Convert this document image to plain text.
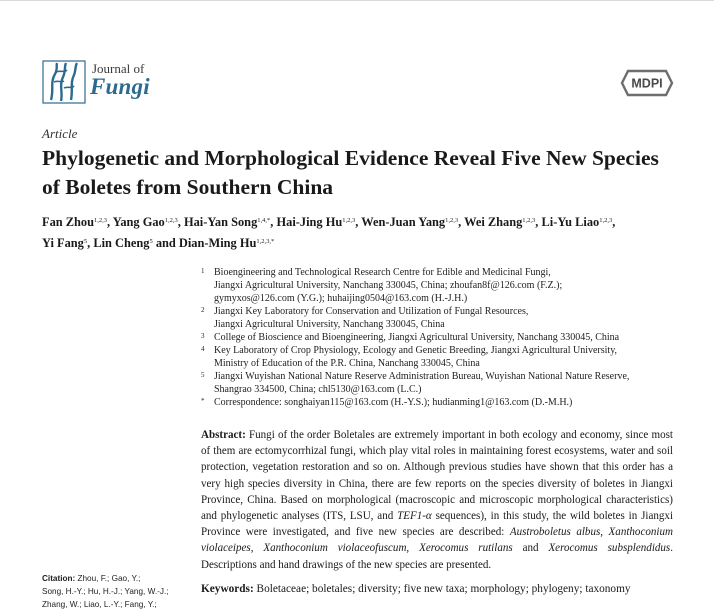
Journal of
Fungi	MDPI
Article
Phylogenetic and Morphological Evidence Reveal Five New Species of Boletes from Southern China
Fan Zhou$^{1,2,3}$, Yang Gao$^{1,2,3}$, Hai-Yan Song$^{1,4,*}$, Hai-Jing Hu$^{1,2,3}$, Wen-Juan Yang$^{1,2,3}$, Wei Zhang$^{1,2,3}$, Li-Yu Liao$^{1,2,3}$,
Yi Fang$^5$, Lin Cheng$^5$ and Dian-Ming $Hu^{1,2,3,*}$
1 Bioengineering and Technological Research Centre for Edible and Medicinal Fungi,
Jiangxi Agricultural University, Nanchang 330045, China; zhoufan8f@126.com (F.Z.);
gymyxos@126.com (Y.G.); huhaijing0504@163.com (H.-J.H.)
2 Jiangxi Key Laboratory for Conservation and Utilization of Fungal Resources,
Jiangxi Agricultural University, Nanchang 330045, China
3 College of Bioscience and Bioengineering, Jiangxi Agricultural University, Nanchang 330045, China
4 Key Laboratory of Crop Physiology, Ecology and Genetic Breeding, Jiangxi Agricultural University,
Ministry of Education of the P.R. China, Nanchang 330045, China
5 Jiangxi Wuyishan National Nature Reserve Administration Bureau, Wuyishan National Nature Reserve,
Shangrao 334500, China; chl5130@163.com (L.C.)
* Correspondence: songhaiyan115@163.com (H.-Y.S.); hudianming1@163.com (D.-M.H.)
Abstract: Fungi of the order Boletales are extremely important in both ecology and economy, since most of them are ectomycorrhizal fungi, which play vital roles in maintaining forest ecosystems, water and soil protection, vegetation restoration and so on. Although previous studies have shown that this order has a very high species diversity in China, there are few reports on the species diversity of boletes in Jiangxi Province, China. Based on morphological (macroscopic and microscopic morphological characteristics) and phylogenetic analyses (ITS, LSU, and TEF1-α sequences), in this study, the wild boletes in Jiangxi Province were investigated, and five new species are described: Austroboletus albus, Xanthoconium violaceipes, Xanthoconium violaceofuscum, Xerocomus rutilans and Xerocomus subsplendidus. Descriptions and hand drawings of the new species are presented.
Keywords: Boletaceae; boletales; diversity; five new taxa; morphology; phylogeny; taxonomy
Citation: Zhou, F.; Gao, Y.;
Song, H.-Y.; Hu, H.-J.; Yang, W.-J.;
Zhang, W.; Liao, L.-Y.; Fang, Y.;
